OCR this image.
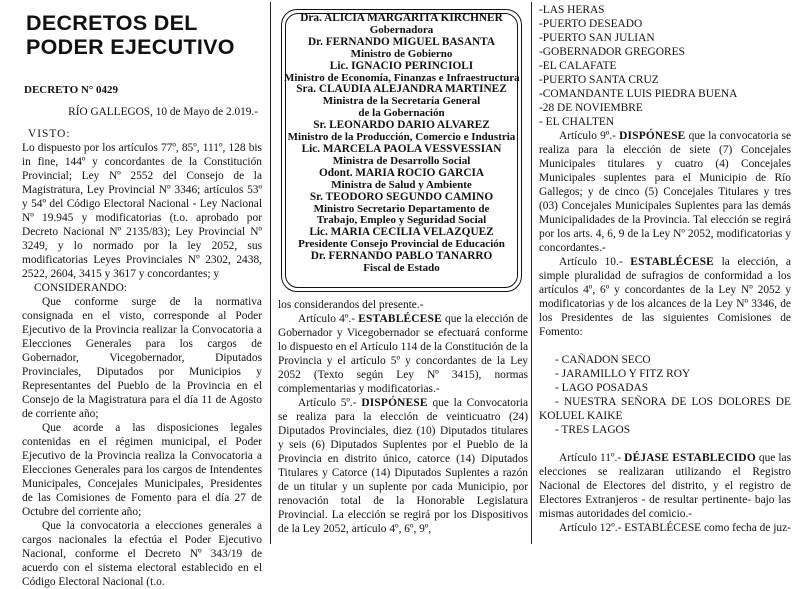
DECRETOS DEL
PODER EJECUTIVO
DECRETO N° 0429
RÍO GALLEGOS, 10 de Mayo de 2.019.-

VISTO:

Lo dispuesto por los artículos 77º, 85º, 111º, 128 bis in fine, 144º y concordantes de la Constitución Provincial; Ley Nº 2552 del Consejo de la Magistratura, Ley Provincial Nº 3346; artículos 53º y 54º del Código Electoral Nacional - Ley Nacional Nº 19.945 y modificatorias (t.o. aprobado por Decreto Nacional Nº 2135/83); Ley Provincial Nº 3249, y lo normado por la ley 2052, sus modificatorias Leyes Provinciales Nº 2302, 2438, 2522, 2604, 3415 y 3617 y concordantes; y

CONSIDERANDO:

Que conforme surge de la normativa consignada en el visto, corresponde al Poder Ejecutivo de la Provincia realizar la Convocatoria a Elecciones Generales para los cargos de Gobernador, Vicegobernador, Diputados Provinciales, Diputados por Municipios y Representantes del Pueblo de la Provincia en el Consejo de la Magistratura para el día 11 de Agosto de corriente año;

Que acorde a las disposiciones legales contenidas en el régimen municipal, el Poder Ejecutivo de la Provincia realiza la Convocatoria a Elecciones Generales para los cargos de Intendentes Municipales, Concejales Municipales, Presidentes de las Comisiones de Fomento para el día 27 de Octubre del corriente año;

Que la convocatoria a elecciones generales a cargos nacionales la efectúa el Poder Ejecutivo Nacional, conforme el Decreto Nº 343/19 de acuerdo con el sistema electoral establecido en el Código Electoral Nacional (t.o.

Dra. ALICIA MARGARITA KIRCHNER
Gobernadora
Dr. FERNANDO MIGUEL BASANTA
Ministro de Gobierno
Lic. IGNACIO PERINCIOLI
Ministro de Economía, Finanzas e Infraestructura
Sra. CLAUDIA ALEJANDRA MARTINEZ
Ministra de la Secretaría General
de la Gobernación
Sr. LEONARDO DARIO ALVAREZ
Ministro de la Producción, Comercio e Industria
Lic. MARCELA PAOLA VESSVESSIAN
Ministra de Desarrollo Social
Odont. MARIA ROCIO GARCIA
Ministra de Salud y Ambiente
Sr. TEODORO SEGUNDO CAMINO
Ministro Secretario Departamento de
Trabajo, Empleo y Seguridad Social
Lic. MARIA CECILIA VELAZQUEZ
Presidente Consejo Provincial de Educación
Dr. FERNANDO PABLO TANARRO
Fiscal de Estado

los considerandos del presente.-

Artículo 4º.- ESTABLÉCESE que la elección de Gobernador y Vicegobernador se efectuará conforme lo dispuesto en el Artículo 114 de la Constitución de la Provincia y el artículo 5º y concordantes de la Ley 2052 (Texto según Ley Nº 3415), normas complementarias y modificatorias.-

Artículo 5º.- DISPÓNESE que la Convocatoria se realiza para la elección de veinticuatro (24) Diputados Provinciales, diez (10) Diputados titulares y seis (6) Diputados Suplentes por el Pueblo de la Provincia en distrito único, catorce (14) Diputados Titulares y Catorce (14) Diputados Suplentes a razón de un titular y un suplente por cada Municipio, por renovación total de la Honorable Legislatura Provincial. La elección se regirá por los Dispositivos de la Ley 2052, artículo 4º, 6º, 9º,

-LAS HERAS
-PUERTO DESEADO
-PUERTO SAN JULIAN
-GOBERNADOR GREGORES
-EL CALAFATE
-PUERTO SANTA CRUZ
-COMANDANTE LUIS PIEDRA BUENA
-28 DE NOVIEMBRE
- EL CHALTEN

Artículo 9º.- DISPÓNESE que la convocatoria se realiza para la elección de siete (7) Concejales Municipales titulares y cuatro (4) Concejales Municipales suplentes para el Municipio de Río Gallegos; y de cinco (5) Concejales Titulares y tres (03) Concejales Municipales Suplentes para las demás Municipalidades de la Provincia. Tal elección se regirá por los arts. 4, 6, 9 de la Ley Nº 2052, modificatorias y concordantes.-

Artículo 10.- ESTABLÉCESE la elección, a simple pluralidad de sufragios de conformidad a los artículos 4º, 6º y concordantes de la Ley Nº 2052 y modificatorias y de los alcances de la Ley Nº 3346, de los Presidentes de las siguientes Comisiones de Fomento:

- CAÑADON SECO
- JARAMILLO Y FITZ ROY
- LAGO POSADAS
- NUESTRA SEÑORA DE LOS DOLORES DE KOLUEL KAIKE
- TRES LAGOS

Artículo 11º.- DÉJASE ESTABLECIDO que las elecciones se realizaran utilizando el Registro Nacional de Electores del distrito, y el registro de Electores Extranjeros - de resultar pertinente- bajo las mismas autoridades del comicio.-

Artículo 12º.- ESTABLÉCESE como fecha de juz-
